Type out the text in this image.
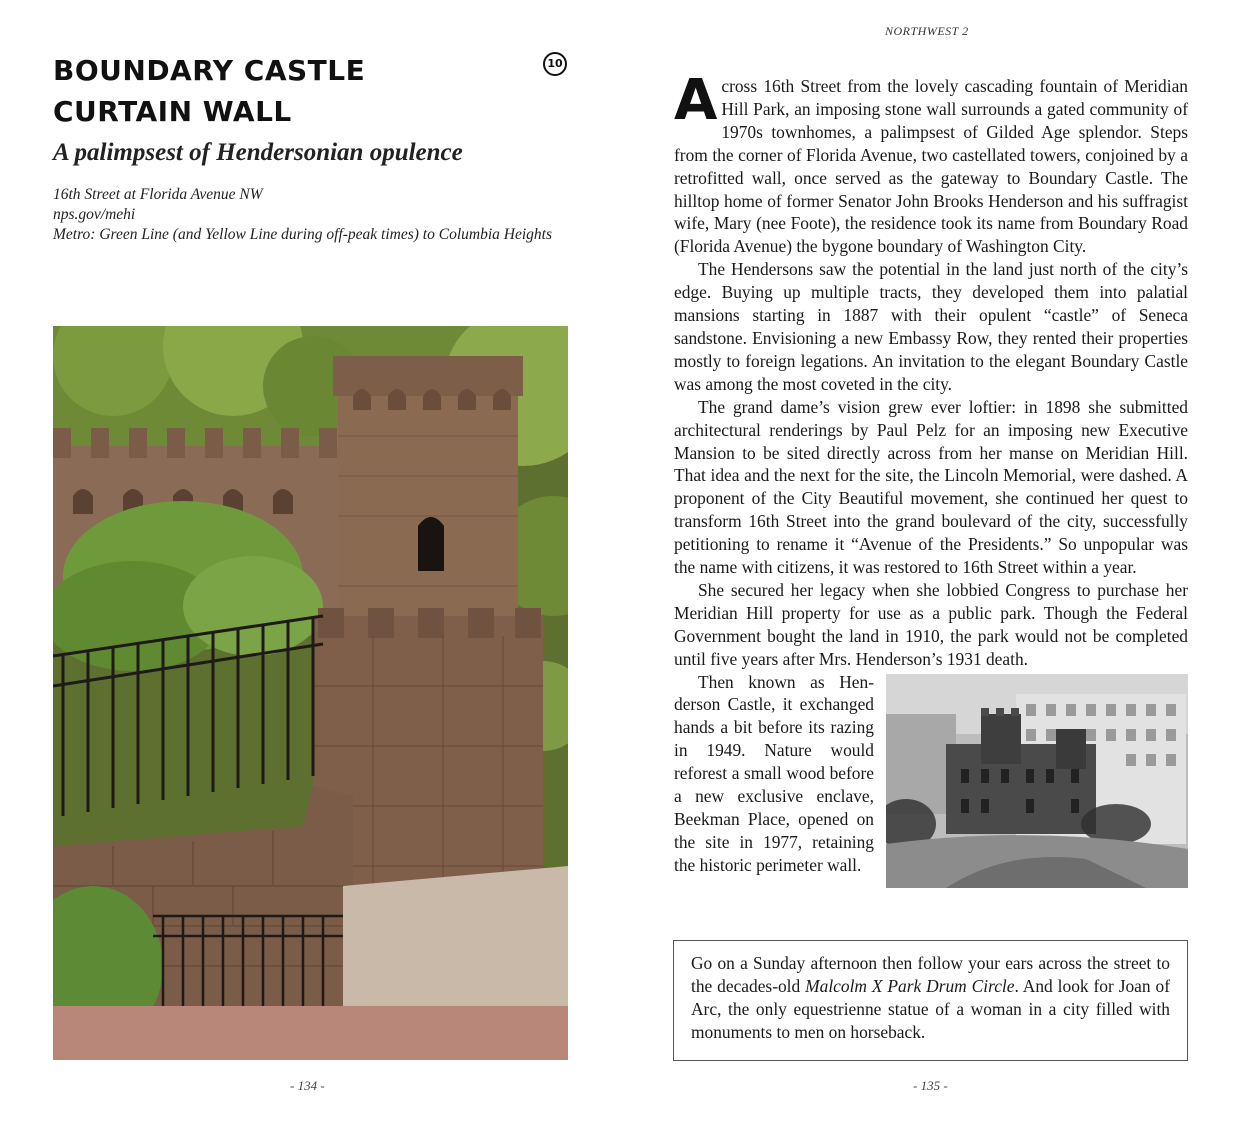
BOUNDARY CASTLE
CURTAIN WALL
10
A palimpsest of Hendersonian opulence
16th Street at Florida Avenue NW
nps.gov/mehi
Metro: Green Line (and Yellow Line during off-peak times) to Columbia Heights
- 134 -
NORTHWEST 2

Across 16th Street from the lovely cascading fountain of Meridian Hill Park, an imposing stone wall surrounds a gated community of 1970s townhomes, a palimpsest of Gilded Age splendor. Steps from the corner of Florida Avenue, two castellated towers, conjoined by a retrofitted wall, once served as the gateway to Boundary Castle. The hilltop home of former Senator John Brooks Henderson and his suffragist wife, Mary (nee Foote), the residence took its name from Boundary Road (Florida Avenue) the bygone boundary of Washington City.

The Hendersons saw the potential in the land just north of the city’s edge. Buying up multiple tracts, they developed them into palatial mansions starting in 1887 with their opulent “castle” of Seneca sandstone. Envisioning a new Embassy Row, they rented their properties mostly to foreign legations. An invitation to the elegant Boundary Castle was among the most coveted in the city.

The grand dame’s vision grew ever loftier: in 1898 she submitted architectural renderings by Paul Pelz for an imposing new Executive Mansion to be sited directly across from her manse on Meridian Hill. That idea and the next for the site, the Lincoln Memorial, were dashed. A proponent of the City Beautiful movement, she continued her quest to transform 16th Street into the grand boulevard of the city, successfully petitioning to rename it “Avenue of the Presidents.” So unpopular was the name with citizens, it was restored to 16th Street within a year.

She secured her legacy when she lobbied Congress to purchase her Meridian Hill property for use as a public park. Though the Federal Government bought the land in 1910, the park would not be completed until five years after Mrs. Henderson’s 1931 death.

Then known as Henderson Castle, it exchanged hands a bit before its razing in 1949. Nature would reforest a small wood before a new exclusive enclave, Beekman Place, opened on the site in 1977, retaining the historic perimeter wall.

Go on a Sunday afternoon then follow your ears across the street to the decades-old Malcolm X Park Drum Circle. And look for Joan of Arc, the only equestrienne statue of a woman in a city filled with monuments to men on horseback.
- 135 -
